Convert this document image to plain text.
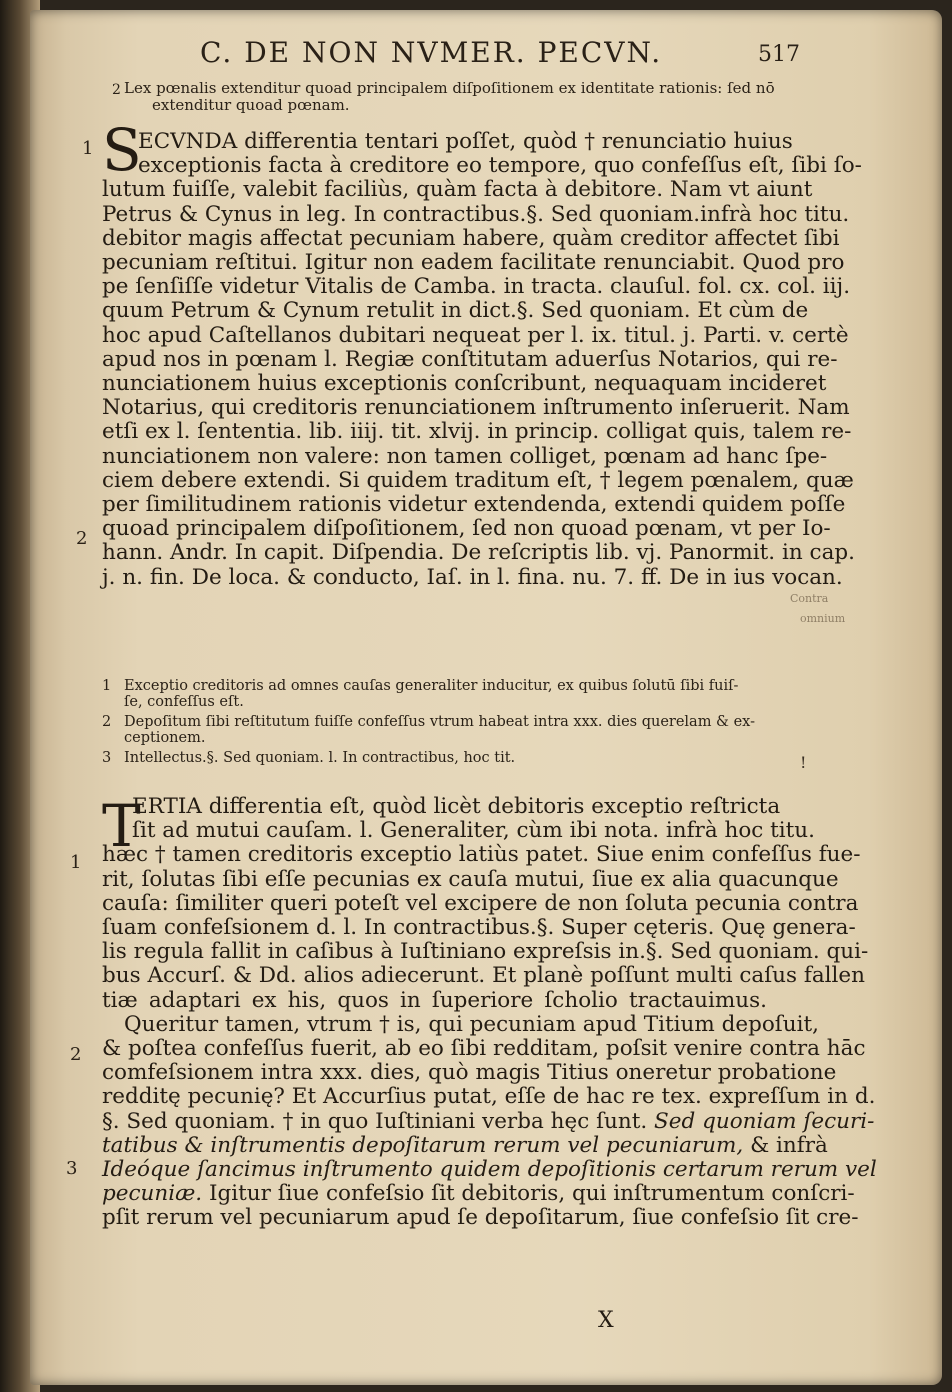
C. DE NON NVMER. PECVN.	517
2 Lex pœnalis extenditur quoad principalem diſpoſitionem ex identitate rationis: ſed nō
extenditur quoad pœnam.
1 S
ECVNDA differentia tentari poſſet, quòd † renunciatio huius
exceptionis facta à creditore eo tempore, quo confeſſus eſt, ſibi ſo-
lutum fuiſſe, valebit faciliùs, quàm facta à debitore. Nam vt aiunt
Petrus & Cynus in leg. In contractibus.§. Sed quoniam.infrà hoc titu.
debitor magis affectat pecuniam habere, quàm creditor affectet ſibi
pecuniam reſtitui. Igitur non eadem facilitate renunciabit. Quod pro
pe ſenſiſſe videtur Vitalis de Camba. in tracta. clauſul. fol. cx. col. iij.
quum Petrum & Cynum retulit in dict.§. Sed quoniam. Et cùm de
hoc apud Caſtellanos dubitari nequeat per l. ix. titul. j. Parti. v. certè
apud nos in pœnam l. Regiæ conſtitutam aduerſus Notarios, qui re-
nunciationem huius exceptionis conſcribunt, nequaquam incideret
Notarius, qui creditoris renunciationem inſtrumento inſeruerit. Nam
etſi ex l. ſententia. lib. iiij. tit. xlvij. in princip. colligat quis, talem re-
nunciationem non valere: non tamen colliget, pœnam ad hanc ſpe-
ciem debere extendi. Si quidem traditum eſt, † legem pœnalem, quæ
per ſimilitudinem rationis videtur extendenda, extendi quidem poſſe
quoad principalem diſpoſitionem, ſed non quoad pœnam, vt per Io-
hann. Andr. In capit. Diſpendia. De reſcriptis lib. vj. Panormit. in cap.
j. n. fin. De loca. & conducto, Iaſ. in l. fina. nu. 7. ff. De in ius vocan.
2
1 Exceptio creditoris ad omnes cauſas generaliter inducitur, ex quibus ſolutū ſibi fuiſ-
ſe, confeſſus eſt.
2 Depoſitum ſibi reſtitutum fuiſſe confeſſus vtrum habeat intra xxx. dies querelam & ex-
ceptionem.
3 Intellectus.§. Sed quoniam. l. In contractibus, hoc tit.
T
ERTIA differentia eſt, quòd licèt debitoris exceptio reſtricta
ſit ad mutui cauſam. l. Generaliter, cùm ibi nota. infrà hoc titu.
hæc † tamen creditoris exceptio latiùs patet. Siue enim confeſſus fue-
rit, ſolutas ſibi eſſe pecunias ex cauſa mutui, ſiue ex alia quacunque
cauſa: ſimiliter queri poteſt vel excipere de non ſoluta pecunia contra
ſuam confeſsionem d. l. In contractibus.§. Super cęteris. Quę genera-
lis regula fallit in caſibus à Iuſtiniano expreſsis in.§. Sed quoniam. qui-
bus Accurſ. & Dd. alios adiecerunt. Et planè poſſunt multi caſus fallen
tiæ adaptari ex his, quos in ſuperiore ſcholio tractauimus.
Queritur tamen, vtrum † is, qui pecuniam apud Titium depoſuit,
& poſtea confeſſus fuerit, ab eo ſibi redditam, poſsit venire contra hāc
comfeſsionem intra xxx. dies, quò magis Titius oneretur probatione
redditę pecunię? Et Accurſius putat, eſſe de hac re tex. expreſſum in d.
§. Sed quoniam. † in quo Iuſtiniani verba hęc ſunt. Sed quoniam ſecuri-
tatibus & inſtrumentis depoſitarum rerum vel pecuniarum, & infrà
Ideóque ſancimus inſtrumento quidem depoſitionis certarum rerum vel
pecuniæ. Igitur ſiue confeſsio ſit debitoris, qui inſtrumentum conſcri-
pſit rerum vel pecuniarum apud ſe depoſitarum, ſiue confeſsio ſit cre-
1
2
3
X
Contra
omnium
!
